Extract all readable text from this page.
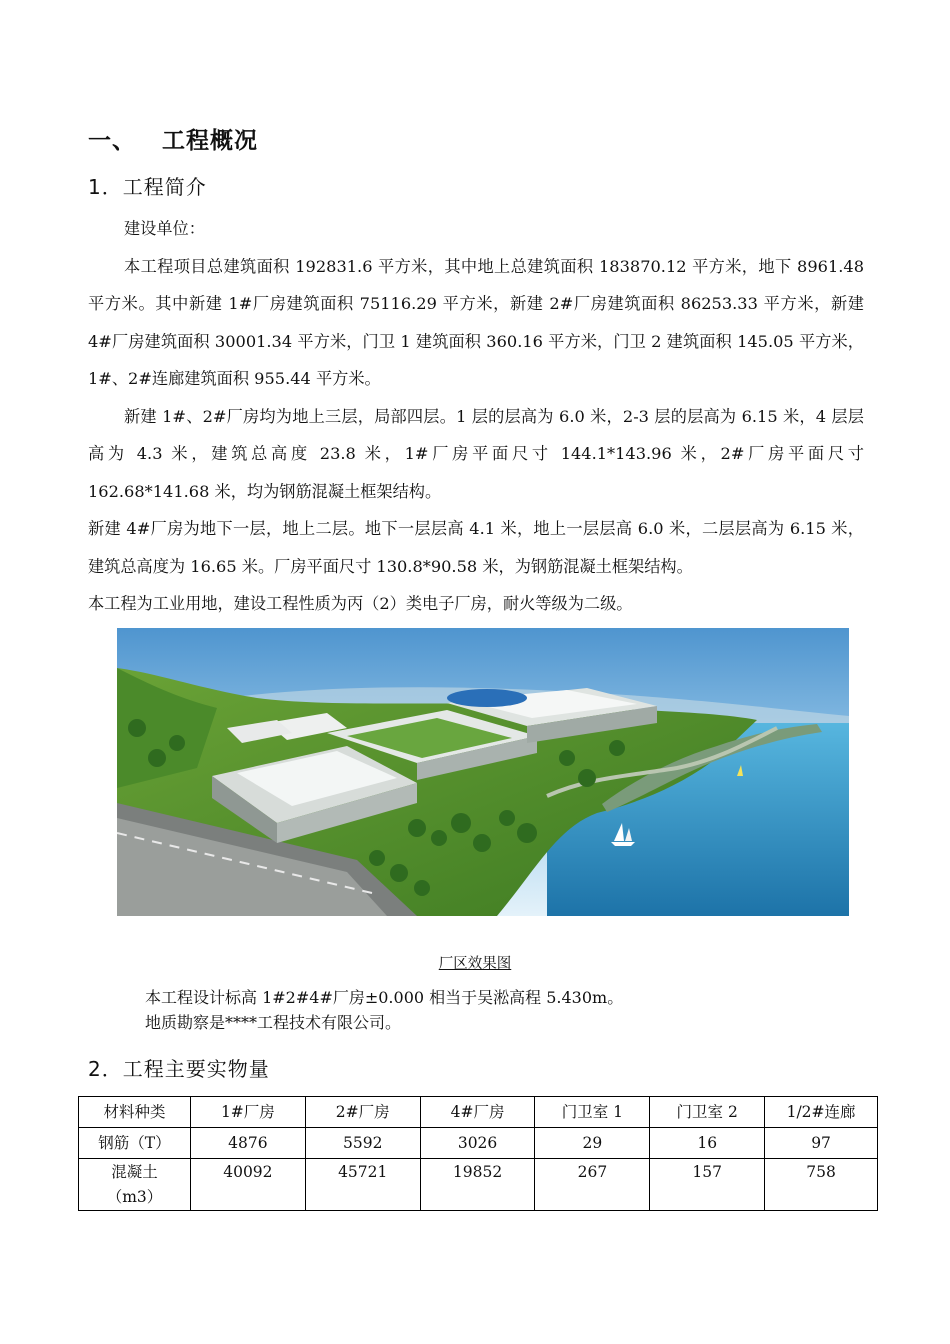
一、 工程概况
1．工程简介

建设单位：

本工程项目总建筑面积 192831.6 平方米，其中地上总建筑面积 183870.12 平方米，地下 8961.48 平方米。其中新建 1#厂房建筑面积 75116.29 平方米，新建 2#厂房建筑面积 86253.33 平方米，新建 4#厂房建筑面积 30001.34 平方米，门卫 1 建筑面积 360.16 平方米，门卫 2 建筑面积 145.05 平方米，1#、2#连廊建筑面积 955.44 平方米。

新建 1#、2#厂房均为地上三层，局部四层。1 层的层高为 6.0 米，2-3 层的层高为 6.15 米，4 层层高为 4.3 米，建筑总高度 23.8 米，1#厂房平面尺寸 144.1*143.96 米，2#厂房平面尺寸 162.68*141.68 米，均为钢筋混凝土框架结构。

新建 4#厂房为地下一层，地上二层。地下一层层高 4.1 米，地上一层层高 6.0 米，二层层高为 6.15 米，建筑总高度为 16.65 米。厂房平面尺寸 130.8*90.58 米，为钢筋混凝土框架结构。

本工程为工业用地，建设工程性质为丙（2）类电子厂房，耐火等级为二级。

厂区效果图
本工程设计标高 1#2#4#厂房±0.000 相当于吴淞高程 5.430m。
地质勘察是****工程技术有限公司。
2．工程主要实物量
材料种类	1#厂房	2#厂房	4#厂房	门卫室 1	门卫室 2	1/2#连廊
钢筋（T）	4876	5592	3026	29	16	97
混凝土（m3）	40092	45721	19852	267	157	758
